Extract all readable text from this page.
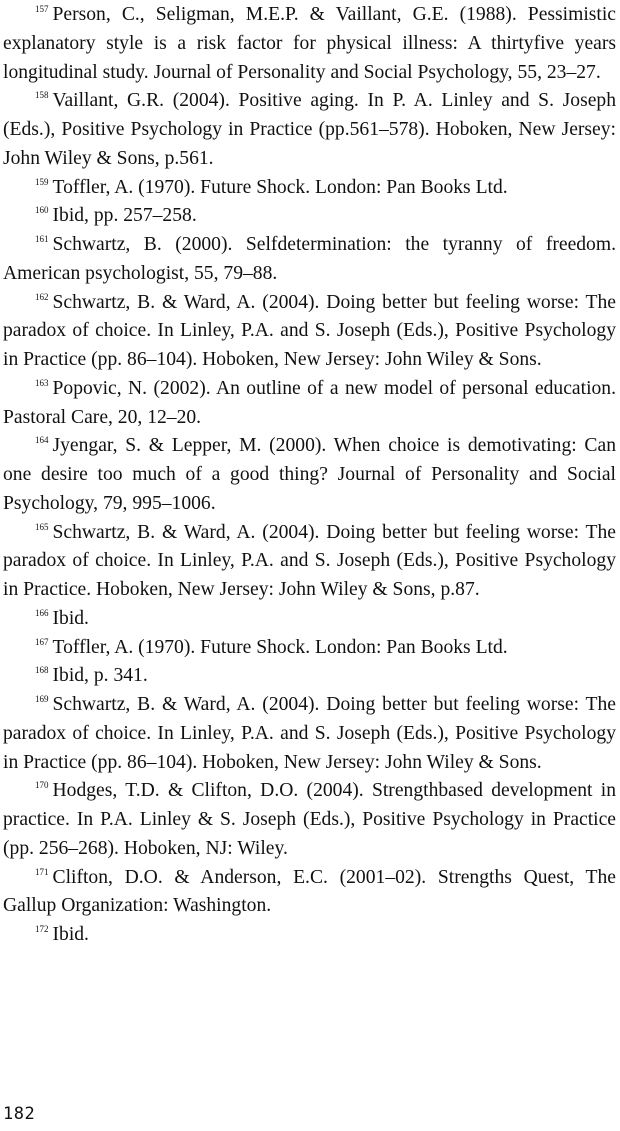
$^{157}$ Person, C., Seligman, M.E.P. & Vaillant, G.E. (1988). Pessimistic explanatory style is a risk factor for physical illness: A thirtyfive years longitudinal study. Journal of Personality and Social Psychology, 55, 23–27.

$^{158}$ Vaillant, G.R. (2004). Positive aging. In P. A. Linley and S. Joseph (Eds.), Positive Psychology in Practice (pp.561–578). Hoboken, New Jersey: John Wiley & Sons, p.561.

$^{159}$ Toffler, A. (1970). Future Shock. London: Pan Books Ltd.

$^{160}$ Ibid, pp. 257–258.

$^{161}$ Schwartz, B. (2000). Selfdetermination: the tyranny of freedom. American psychologist, 55, 79–88.

$^{162}$ Schwartz, B. & Ward, A. (2004). Doing better but feeling worse: The paradox of choice. In Linley, P.A. and S. Joseph (Eds.), Positive Psychology in Practice (pp. 86–104). Hoboken, New Jersey: John Wiley & Sons.

$^{163}$ Popovic, N. (2002). An outline of a new model of personal education. Pastoral Care, 20, 12–20.

$^{164}$ Jyengar, S. & Lepper, M. (2000). When choice is demotivating: Can one desire too much of a good thing? Journal of Personality and Social Psychology, 79, 995–1006.

$^{165}$ Schwartz, B. & Ward, A. (2004). Doing better but feeling worse: The paradox of choice. In Linley, P.A. and S. Joseph (Eds.), Positive Psychology in Practice. Hoboken, New Jersey: John Wiley & Sons, p.87.

$^{166}$ Ibid.

$^{167}$ Toffler, A. (1970). Future Shock. London: Pan Books Ltd.

$^{168}$ Ibid, p. 341.

$^{169}$ Schwartz, B. & Ward, A. (2004). Doing better but feeling worse: The paradox of choice. In Linley, P.A. and S. Joseph (Eds.), Positive Psychology in Practice (pp. 86–104). Hoboken, New Jersey: John Wiley & Sons.

$^{170}$ Hodges, T.D. & Clifton, D.O. (2004). Strengthbased development in practice. In P.A. Linley & S. Joseph (Eds.), Positive Psychology in Practice (pp. 256–268). Hoboken, NJ: Wiley.

$^{171}$ Clifton, D.O. & Anderson, E.C. (2001–02). Strengths Quest, The Gallup Organization: Washington.

$^{172}$ Ibid.

182
